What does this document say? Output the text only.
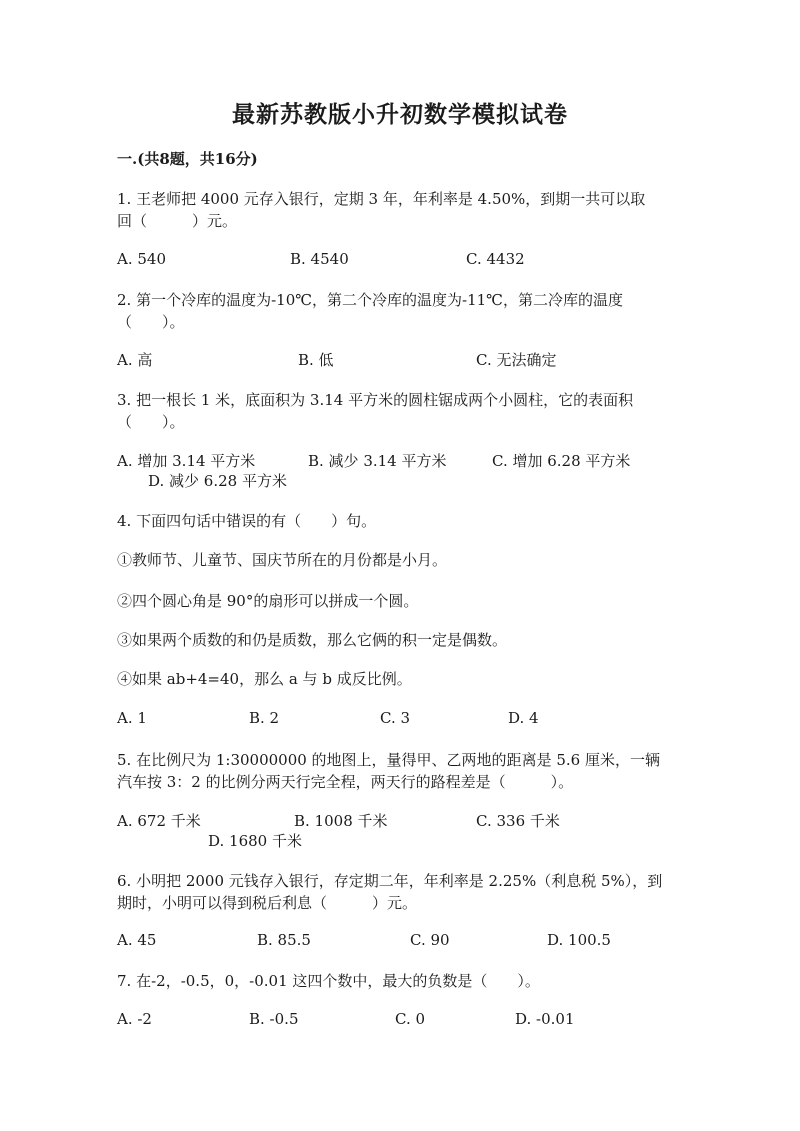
最新苏教版小升初数学模拟试卷
一.(共8题，共16分)
1. 王老师把 4000 元存入银行，定期 3 年，年利率是 4.50%，到期一共可以取
回（　　　）元。
A. 540	B. 4540	C. 4432
2. 第一个冷库的温度为-10℃，第二个冷库的温度为-11℃，第二冷库的温度
（　　）。
A. 高	B. 低	C. 无法确定
3. 把一根长 1 米，底面积为 3.14 平方米的圆柱锯成两个小圆柱，它的表面积
（　　）。
A. 增加 3.14 平方米	B. 减少 3.14 平方米	C. 增加 6.28 平方米
D. 减少 6.28 平方米
4. 下面四句话中错误的有（　　）句。
①教师节、儿童节、国庆节所在的月份都是小月。
②四个圆心角是 90°的扇形可以拼成一个圆。
③如果两个质数的和仍是质数，那么它俩的积一定是偶数。
④如果 ab+4=40，那么 a 与 b 成反比例。
A. 1	B. 2	C. 3	D. 4
5. 在比例尺为 1:30000000 的地图上，量得甲、乙两地的距离是 5.6 厘米，一辆
汽车按 3：2 的比例分两天行完全程，两天行的路程差是（　　　）。
A. 672 千米	B. 1008 千米	C. 336 千米
D. 1680 千米
6. 小明把 2000 元钱存入银行，存定期二年，年利率是 2.25%（利息税 5%），到
期时，小明可以得到税后利息（　　　）元。
A. 45	B. 85.5	C. 90	D. 100.5
7. 在-2，-0.5，0，-0.01 这四个数中，最大的负数是（　　）。
A. -2	B. -0.5	C. 0	D. -0.01
